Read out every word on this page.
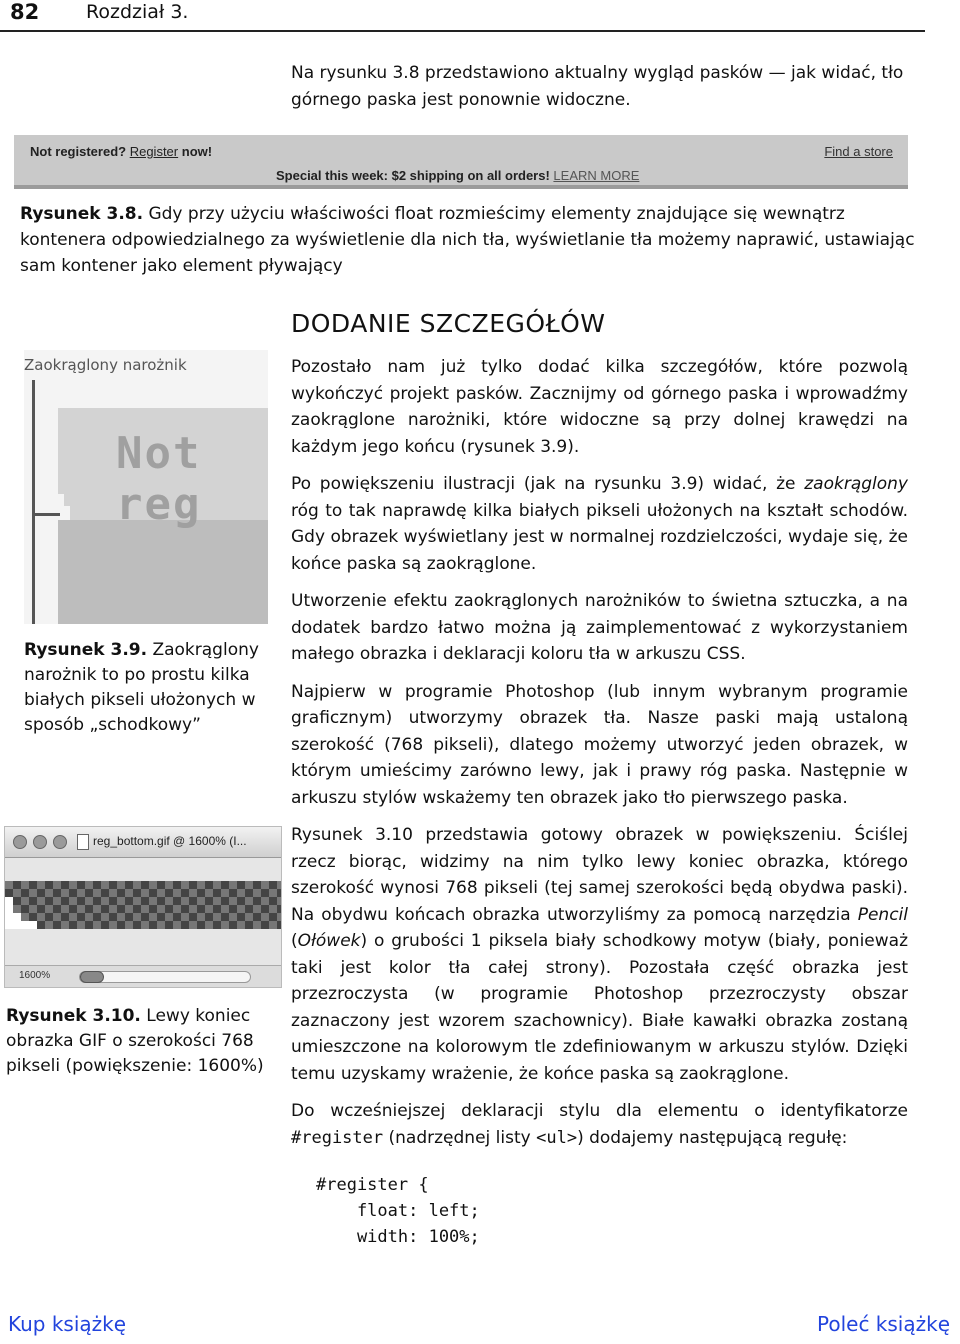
82 Rozdział 3.
Na rysunku 3.8 przedstawiono aktualny wygląd pasków — jak widać, tło górnego paska jest ponownie widoczne.
Not registered? Register now!	Find a store
Special this week: $2 shipping on all orders! LEARN MORE
Rysunek 3.8. Gdy przy użyciu właściwości float rozmieścimy elementy znajdujące się wewnątrz kontenera odpowiedzialnego za wyświetlenie dla nich tła, wyświetlanie tła możemy naprawić, ustawiając sam kontener jako element pływający
DODANIE SZCZEGÓŁÓW

Pozostało nam już tylko dodać kilka szczegółów, które pozwolą wykończyć projekt pasków. Zacznijmy od górnego paska i wprowadźmy zaokrąglone narożniki, które widoczne są przy dolnej krawędzi na każdym jego końcu (rysunek 3.9).

Po powiększeniu ilustracji (jak na rysunku 3.9) widać, że zaokrąglony róg to tak naprawdę kilka białych pikseli ułożonych na kształt schodów. Gdy obrazek wyświetlany jest w normalnej rozdzielczości, wydaje się, że końce paska są zaokrąglone.

Utworzenie efektu zaokrąglonych narożników to świetna sztuczka, a na dodatek bardzo łatwo można ją zaimplementować z wykorzystaniem małego obrazka i deklaracji koloru tła w arkuszu CSS.

Najpierw w programie Photoshop (lub innym wybranym programie graficznym) utworzymy obrazek tła. Nasze paski mają ustaloną szerokość (768 pikseli), dlatego możemy utworzyć jeden obrazek, w którym umieścimy zarówno lewy, jak i prawy róg paska. Następnie w arkuszu stylów wskażemy ten obrazek jako tło pierwszego paska.

Rysunek 3.10 przedstawia gotowy obrazek w powiększeniu. Ściślej rzecz biorąc, widzimy na nim tylko lewy koniec obrazka, którego szerokość wynosi 768 pikseli (tej samej szerokości będą obydwa paski). Na obydwu końcach obrazka utworzyliśmy za pomocą narzędzia Pencil (Ołówek) o grubości 1 piksela biały schodkowy motyw (biały, ponieważ taki jest kolor tła całej strony). Pozostała część obrazka jest przezroczysta (w programie Photoshop przezroczysty obszar zaznaczony jest wzorem szachownicy). Białe kawałki obrazka zostaną umieszczone na kolorowym tle zdefiniowanym w arkuszu stylów. Dzięki temu uzyskamy wrażenie, że końce paska są zaokrąglone.

Do wcześniejszej deklaracji stylu dla elementu o identyfikatorze #register (nadrzędnej listy <ul>) dodajemy następującą regułę:

#register {
float: left;
width: 100%;
Zaokrąglony narożnik
Not reg
Rysunek 3.9. Zaokrąglony narożnik to po prostu kilka białych pikseli ułożonych w sposób „schodkowy”
reg_bottom.gif @ 1600% (I...
1600%
Rysunek 3.10. Lewy koniec obrazka GIF o szerokości 768 pikseli (powiększenie: 1600%)
Kup książkę	Poleć książkę
